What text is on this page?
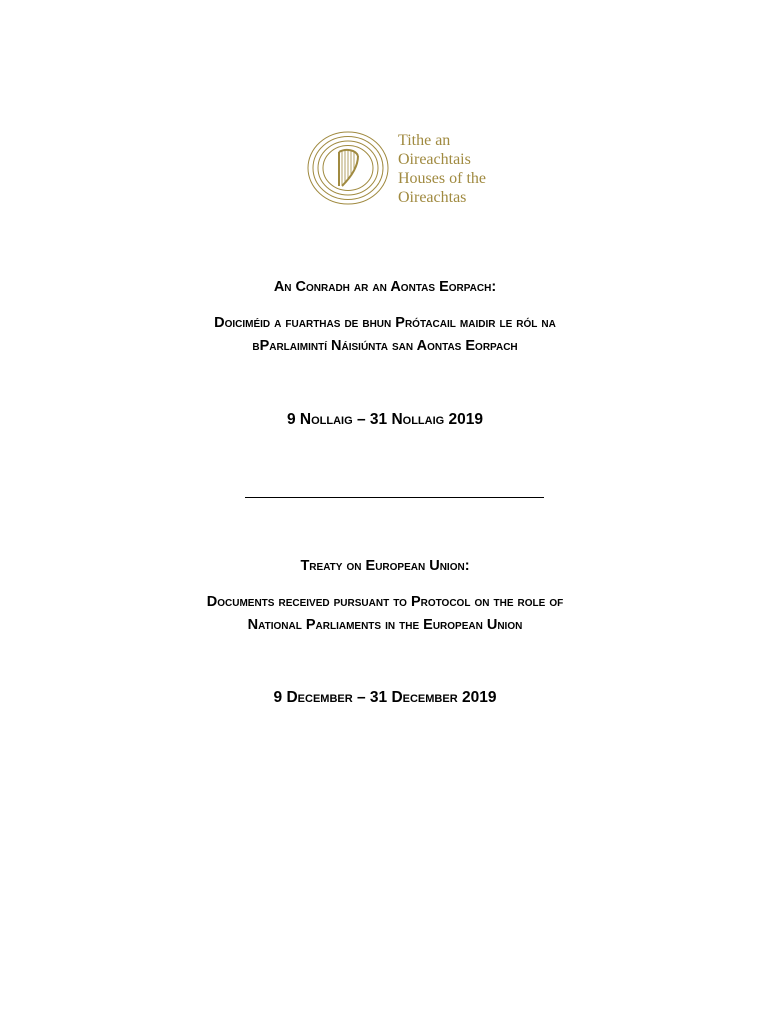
Tithe an
Oireachtais
Houses of the
Oireachtas
An Conradh ar an Aontas Eorpach:
Doiciméid a fuarthas de bhun Prótacail maidir le ról na
bParlaimintí Náisiúnta san Aontas Eorpach
9 Nollaig – 31 Nollaig 2019
Treaty on European Union:
Documents received pursuant to Protocol on the role of
National Parliaments in the European Union
9 December – 31 December 2019
